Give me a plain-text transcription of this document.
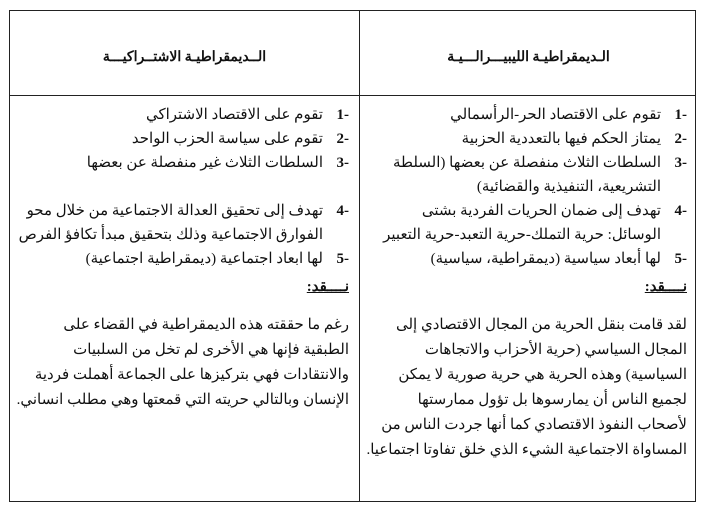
الـديمقراطيـة الليبيـــرالـــيـة
الــديمقراطيـة الاشتــراكيـــة
-1
تقوم على الاقتصاد الحر-الرأسمالي
-2
يمتاز الحكم فيها بالتعددية الحزبية
-3
السلطات الثلاث منفصلة عن بعضها (السلطة التشريعية، التنفيذية والقضائية)
-4
تهدف إلى ضمان الحريات الفردية بشتى الوسائل: حرية التملك-حرية التعبد-حرية التعبير
-5
لها أبعاد سياسية (ديمقراطية، سياسية)
نــــقد:
لقد قامت بنقل الحرية من المجال الاقتصادي إلى المجال السياسي (حرية الأحزاب والاتجاهات السياسية) وهذه الحرية هي حرية صورية لا يمكن لجميع الناس أن يمارسوها بل تؤول ممارستها لأصحاب النفوذ الاقتصادي كما أنها جردت الناس من المساواة الاجتماعية الشيء الذي خلق تفاوتا اجتماعيا.
-1
تقوم على الاقتصاد الاشتراكي
-2
تقوم على سياسة الحزب الواحد
-3
السلطات الثلاث غير منفصلة عن بعضها
-4
تهدف إلى تحقيق العدالة الاجتماعية من خلال محو الفوارق الاجتماعية وذلك بتحقيق مبدأ تكافؤ الفرص
-5
لها ابعاد اجتماعية (ديمقراطية اجتماعية)
نــــقد:
رغم ما حققته هذه الديمقراطية في القضاء على الطبقية فإنها هي الأخرى لم تخل من السلبيات والانتقادات فهي بتركيزها على الجماعة أهملت فردية الإنسان وبالتالي حريته التي قمعتها وهي مطلب انساني.
